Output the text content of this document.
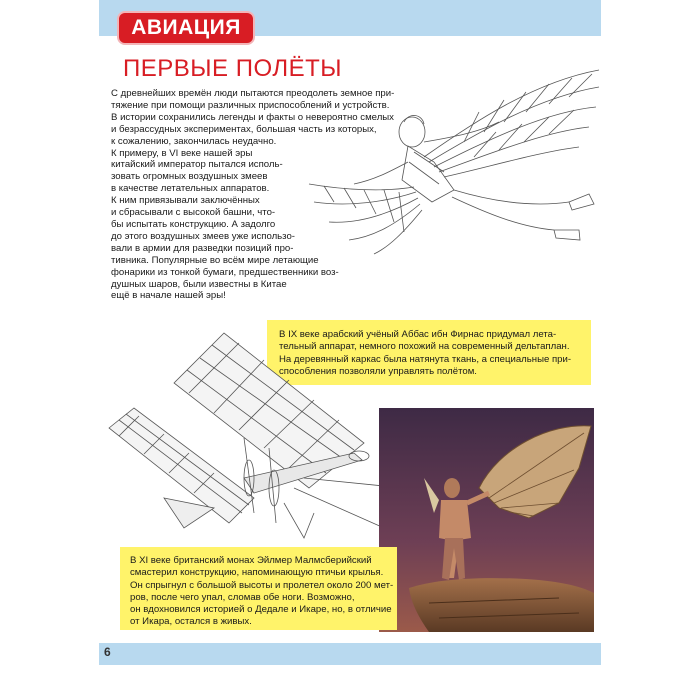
АВИАЦИЯ
ПЕРВЫЕ ПОЛЁТЫ
С древнейших времён люди пытаются преодолеть земное при-
тяжение при помощи различных приспособлений и устройств.
В истории сохранились легенды и факты о невероятно смелых
и безрассудных экспериментах, большая часть из которых,
к сожалению, закончилась неудачно.
К примеру, в VI веке нашей эры
китайский император пытался исполь-
зовать огромных воздушных змеев
в качестве летательных аппаратов.
К ним привязывали заключённых
и сбрасывали с высокой башни, что-
бы испытать конструкцию. А задолго
до этого воздушных змеев уже использо-
вали в армии для разведки позиций про-
тивника. Популярные во всём мире летающие
фонарики из тонкой бумаги, предшественники воз-
душных шаров, были известны в Китае
ещё в начале нашей эры!
В IX веке арабский учёный Аббас ибн Фирнас придумал лета-
тельный аппарат, немного похожий на современный дельтаплан.
На деревянный каркас была натянута ткань, а специальные при-
способления позволяли управлять полётом.
В XI веке британский монах Эйлмер Малмсберийский
смастерил конструкцию, напоминающую птичьи крылья.
Он спрыгнул с большой высоты и пролетел около 200 мет-
ров, после чего упал, сломав обе ноги. Возможно,
он вдохновился историей о Дедале и Икаре, но, в отличие
от Икара, остался в живых.
6
